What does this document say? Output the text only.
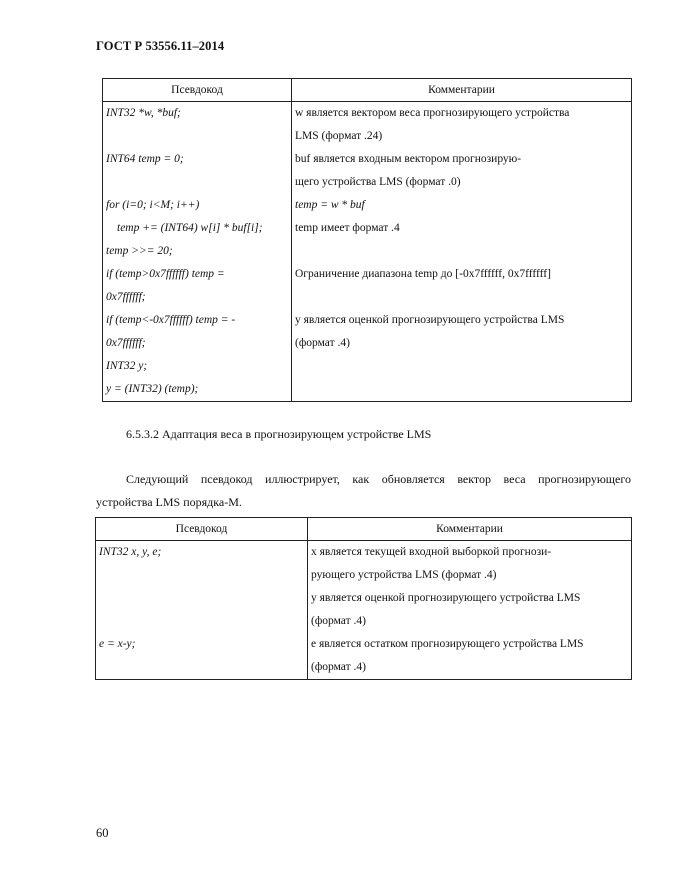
ГОСТ Р 53556.11–2014
Псевдокод	Комментарии
INT32 *w, *buf;	w является вектором веса прогнозирующего устройства
	LMS (формат .24)
INT64 temp = 0;	buf является входным вектором прогнозирую-
	щего устройства LMS (формат .0)
for (i=0; i<M; i++)	temp = w * buf
temp += (INT64) w[i] * buf[i];	temp имеет формат .4
temp >>= 20;	
if (temp>0x7ffffff) temp =	Ограничение диапазона temp до [-0x7ffffff, 0x7ffffff]
0x7ffffff;	
if (temp<-0x7ffffff) temp = -	y является оценкой прогнозирующего устройства LMS
0x7ffffff;	(формат .4)
INT32 y;	
y = (INT32) (temp);	
6.5.3.2 Адаптация веса в прогнозирующем устройстве LMS
Следующий псевдокод иллюстрирует, как обновляется вектор веса прогнозирующего
устройства LMS порядка-M.
Псевдокод	Комментарии
INT32 x, y, e;	x является текущей входной выборкой прогнози-
	рующего устройства LMS (формат .4)
	y является оценкой прогнозирующего устройства LMS
	(формат .4)
e = x-y;	e является остатком прогнозирующего устройства LMS
	(формат .4)
60
